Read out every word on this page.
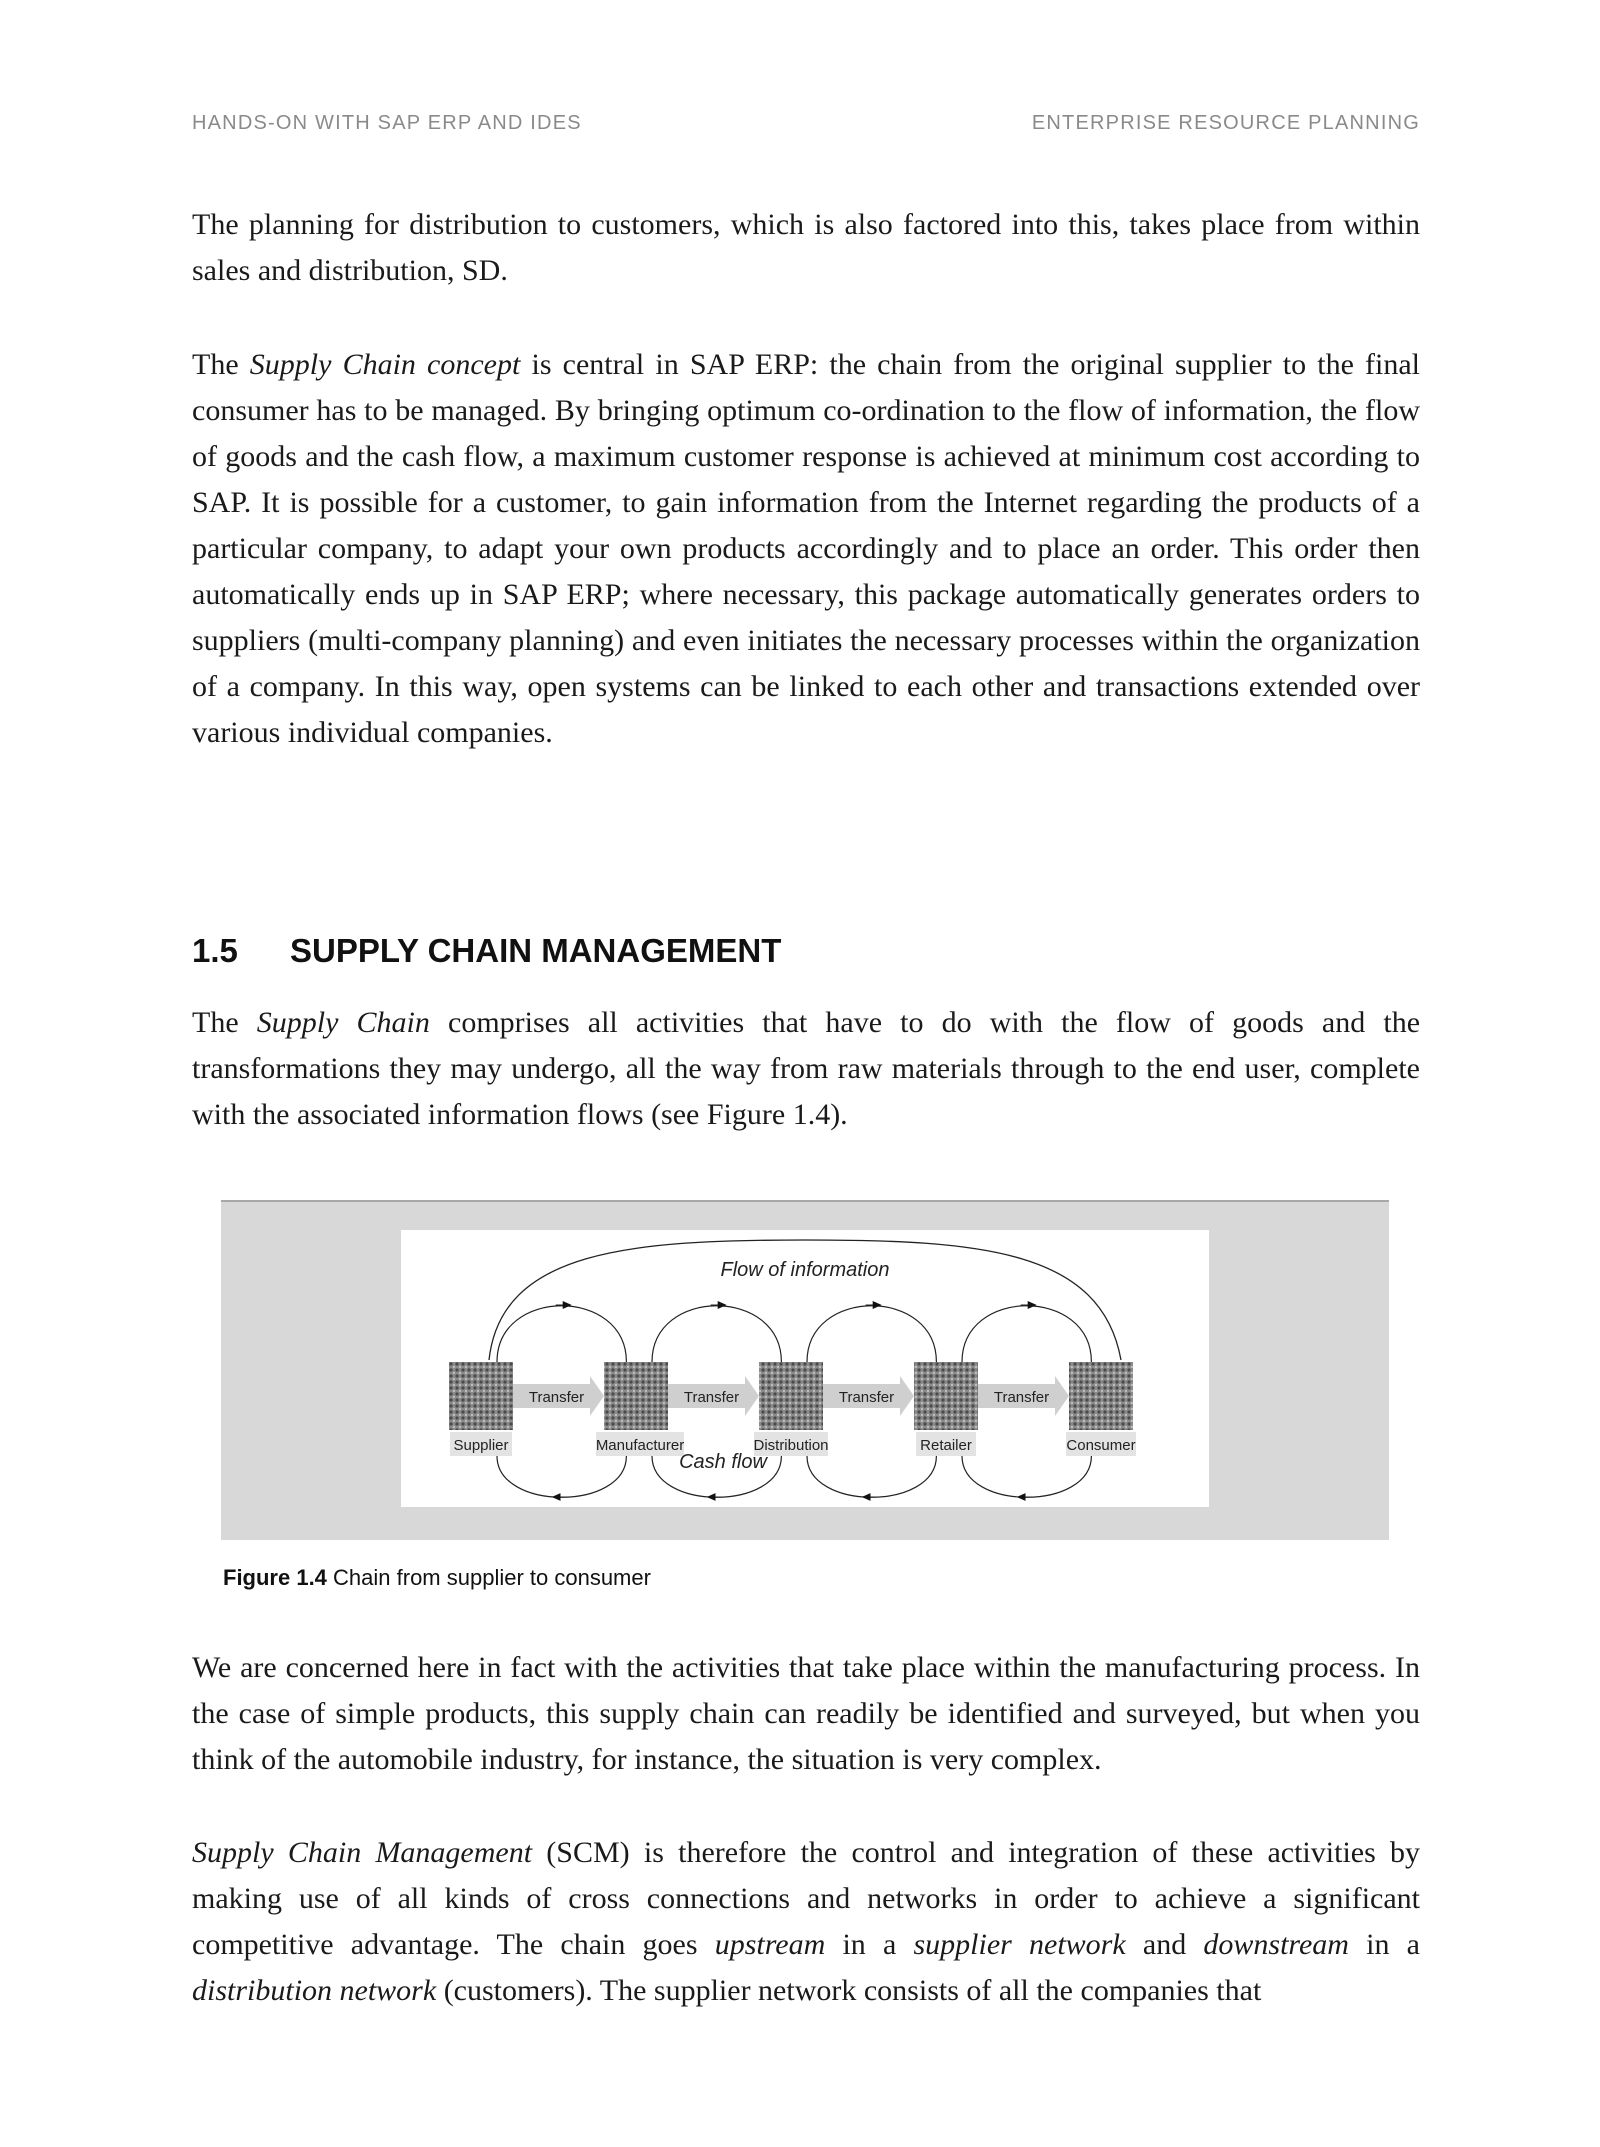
HANDS-ON WITH SAP ERP AND IDES	ENTERPRISE RESOURCE PLANNING

The planning for distribution to customers, which is also factored into this, takes place from within sales and distribution, SD.

The Supply Chain concept is central in SAP ERP: the chain from the original supplier to the final consumer has to be managed. By bringing optimum co-ordination to the flow of information, the flow of goods and the cash flow, a maximum customer response is achieved at minimum cost according to SAP. It is possible for a customer, to gain information from the Internet regarding the products of a particular company, to adapt your own products accordingly and to place an order. This order then automatically ends up in SAP ERP; where necessary, this package automatically generates orders to suppliers (multi-company planning) and even initiates the necessary processes within the organization of a company. In this way, open systems can be linked to each other and transactions extended over various individual companies.

1.5 SUPPLY CHAIN MANAGEMENT

The Supply Chain comprises all activities that have to do with the flow of goods and the transformations they may undergo, all the way from raw materials through to the end user, complete with the associated information flows (see Figure 1.4).

Flow of information
Supplier
Transfer
Manufacturer
Transfer
Distribution
Transfer
Retailer
Transfer
Consumer
Cash flow
Figure 1.4 Chain from supplier to consumer

We are concerned here in fact with the activities that take place within the manufacturing process. In the case of simple products, this supply chain can readily be identified and surveyed, but when you think of the automobile industry, for instance, the situation is very complex.

Supply Chain Management (SCM) is therefore the control and integration of these activities by making use of all kinds of cross connections and networks in order to achieve a significant competitive advantage. The chain goes upstream in a supplier network and downstream in a distribution network (customers). The supplier network consists of all the companies that
